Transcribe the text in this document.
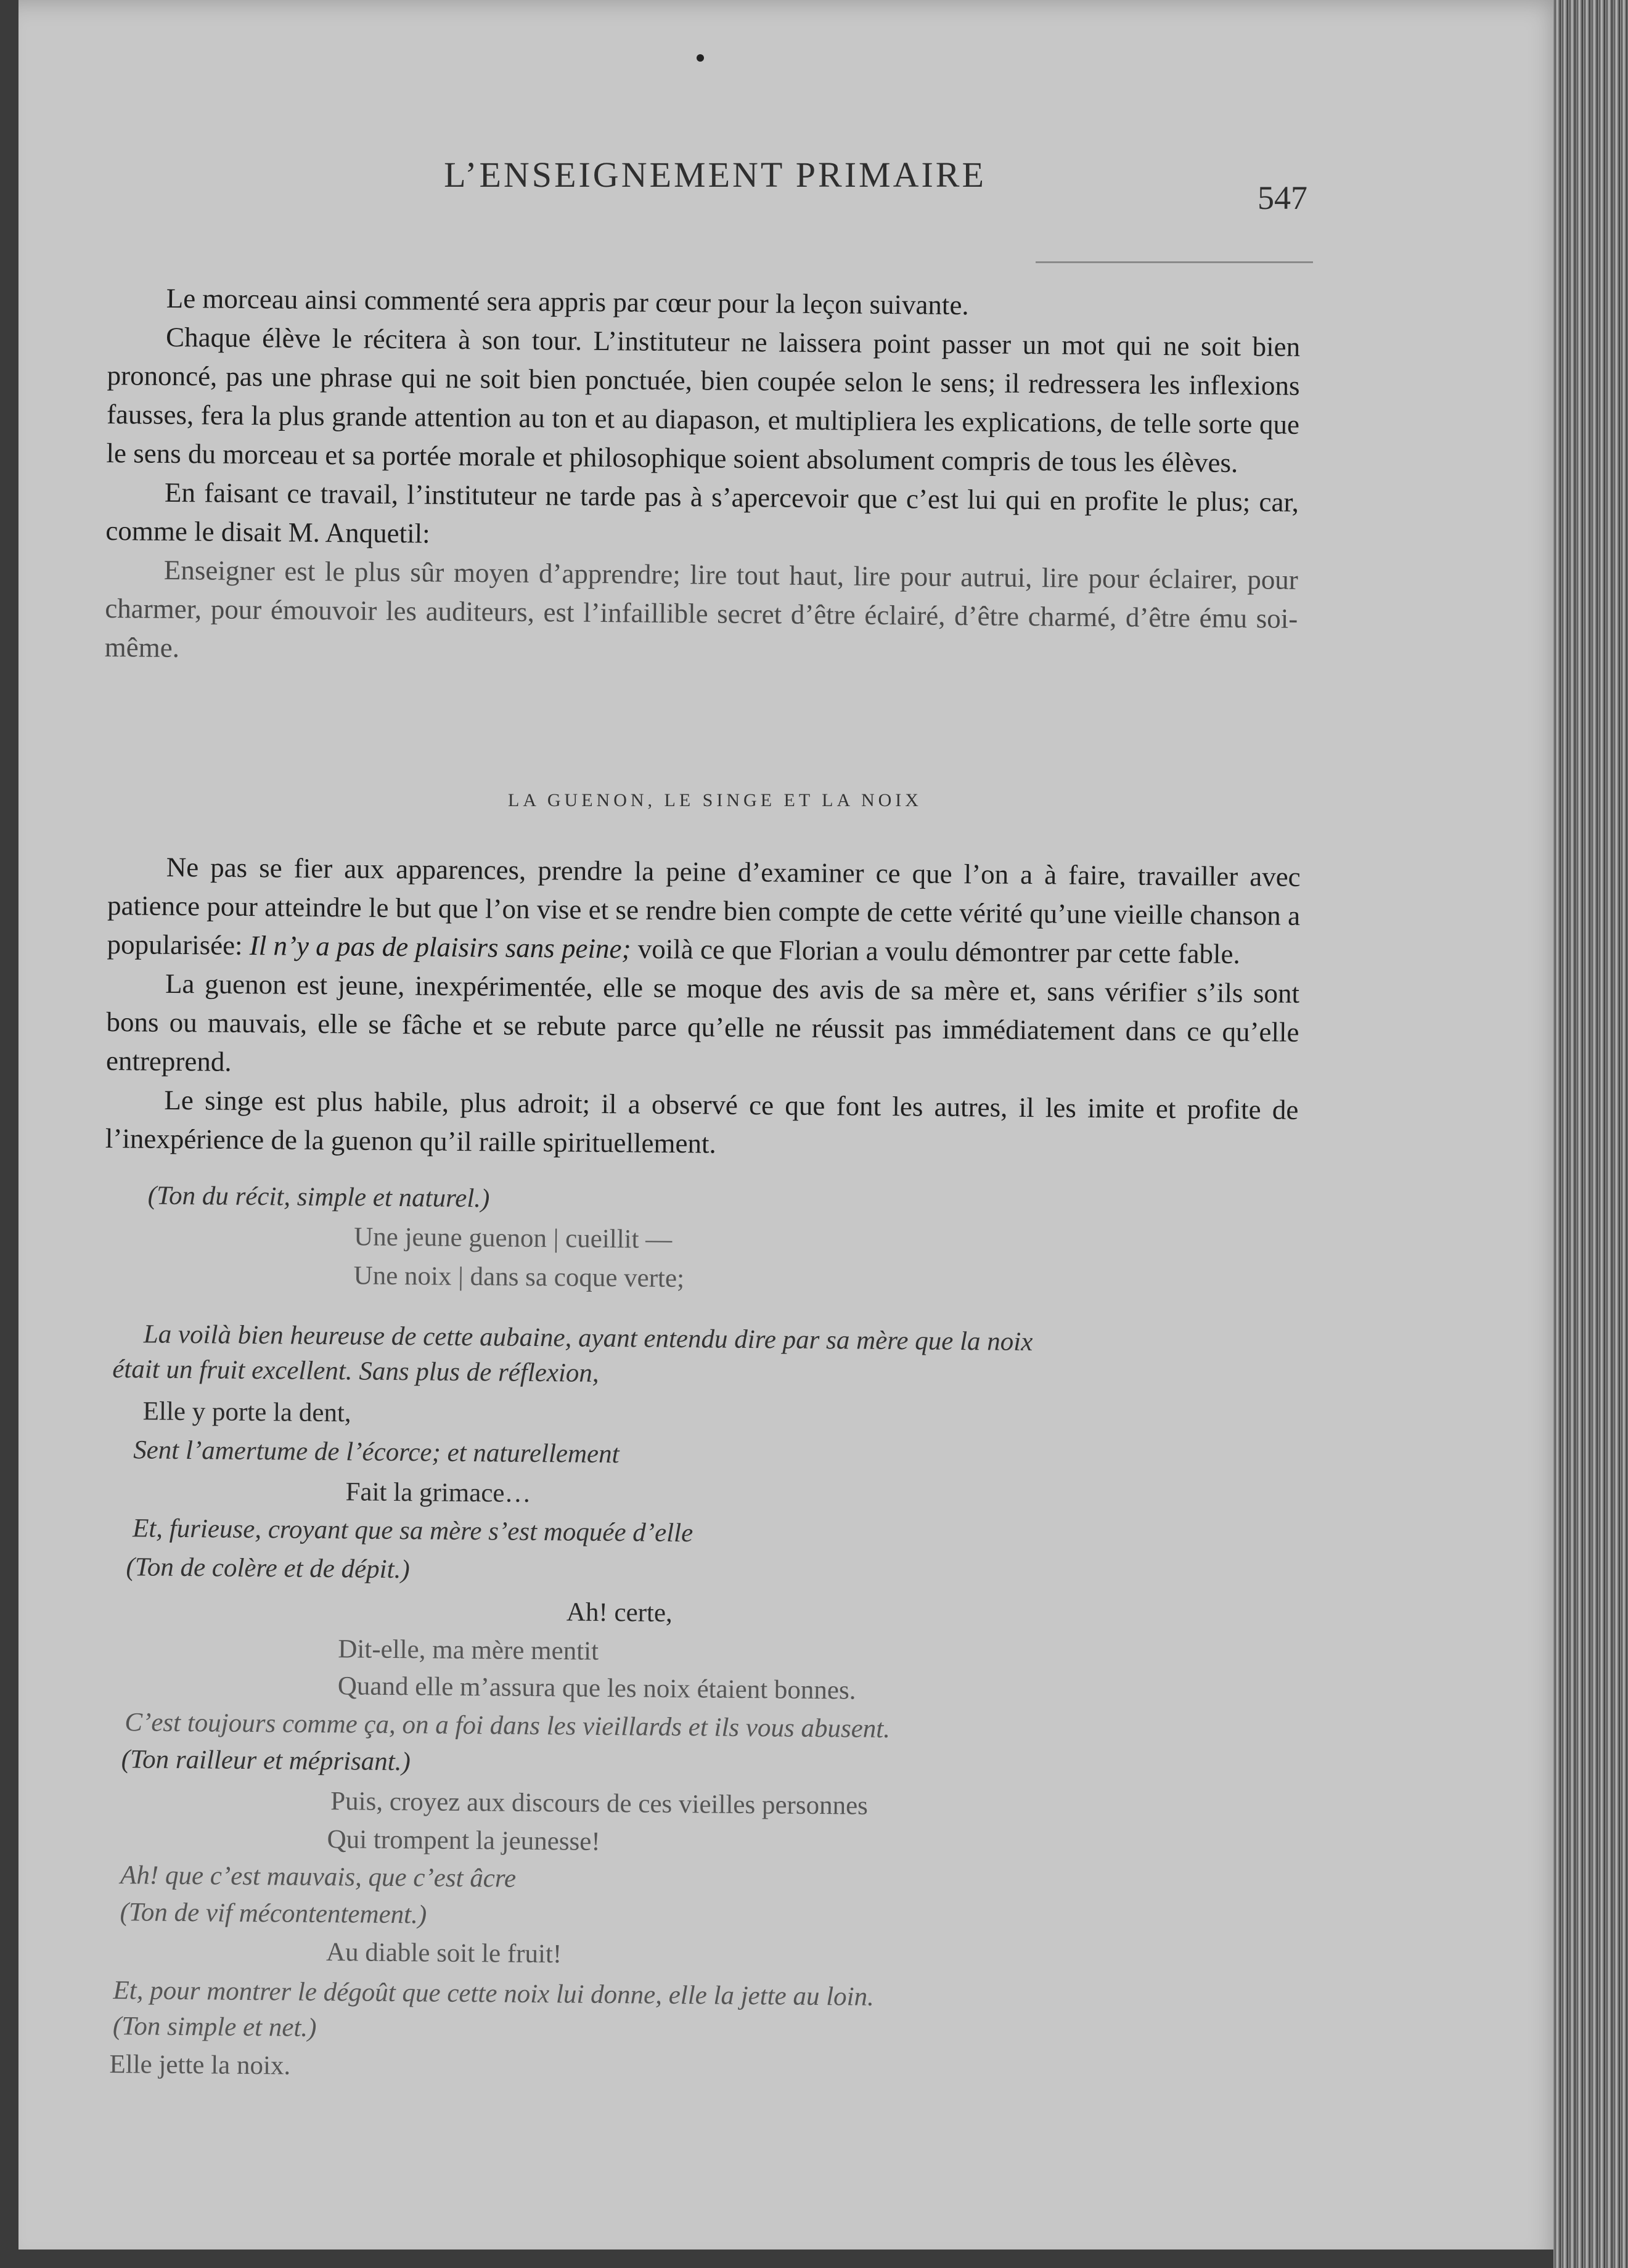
L’ENSEIGNEMENT PRIMAIRE
547

Le morceau ainsi commenté sera appris par cœur pour la leçon suivante.

Chaque élève le récitera à son tour. L’instituteur ne laissera point passer un mot qui ne soit bien prononcé, pas une phrase qui ne soit bien ponctuée, bien coupée selon le sens; il redressera les inflexions fausses, fera la plus grande attention au ton et au diapason, et multipliera les explications, de telle sorte que le sens du morceau et sa portée morale et philosophique soient absolument compris de tous les élèves.

En faisant ce travail, l’instituteur ne tarde pas à s’apercevoir que c’est lui qui en profite le plus; car, comme le disait M. Anquetil:

Enseigner est le plus sûr moyen d’apprendre; lire tout haut, lire pour autrui, lire pour éclairer, pour charmer, pour émouvoir les auditeurs, est l’infaillible secret d’être éclairé, d’être charmé, d’être ému soi-même.

LA GUENON, LE SINGE ET LA NOIX

Ne pas se fier aux apparences, prendre la peine d’examiner ce que l’on a à faire, travailler avec patience pour atteindre le but que l’on vise et se rendre bien compte de cette vérité qu’une vieille chanson a popularisée: Il n’y a pas de plaisirs sans peine; voilà ce que Florian a voulu démontrer par cette fable.

La guenon est jeune, inexpérimentée, elle se moque des avis de sa mère et, sans vérifier s’ils sont bons ou mauvais, elle se fâche et se rebute parce qu’elle ne réussit pas immédiatement dans ce qu’elle entreprend.

Le singe est plus habile, plus adroit; il a observé ce que font les autres, il les imite et profite de l’inexpérience de la guenon qu’il raille spirituellement.

(Ton du récit, simple et naturel.)
Une jeune guenon | cueillit —
Une noix | dans sa coque verte;
La voilà bien heureuse de cette aubaine, ayant entendu dire par sa mère que la noix
était un fruit excellent. Sans plus de réflexion,
Elle y porte la dent,
Sent l’amertume de l’écorce; et naturellement
Fait la grimace…
Et, furieuse, croyant que sa mère s’est moquée d’elle
(Ton de colère et de dépit.)
Ah! certe,
Dit-elle, ma mère mentit
Quand elle m’assura que les noix étaient bonnes.
C’est toujours comme ça, on a foi dans les vieillards et ils vous abusent.
(Ton railleur et méprisant.)
Puis, croyez aux discours de ces vieilles personnes
Qui trompent la jeunesse!
Ah! que c’est mauvais, que c’est âcre
(Ton de vif mécontentement.)
Au diable soit le fruit!
Et, pour montrer le dégoût que cette noix lui donne, elle la jette au loin.
(Ton simple et net.)
Elle jette la noix.
